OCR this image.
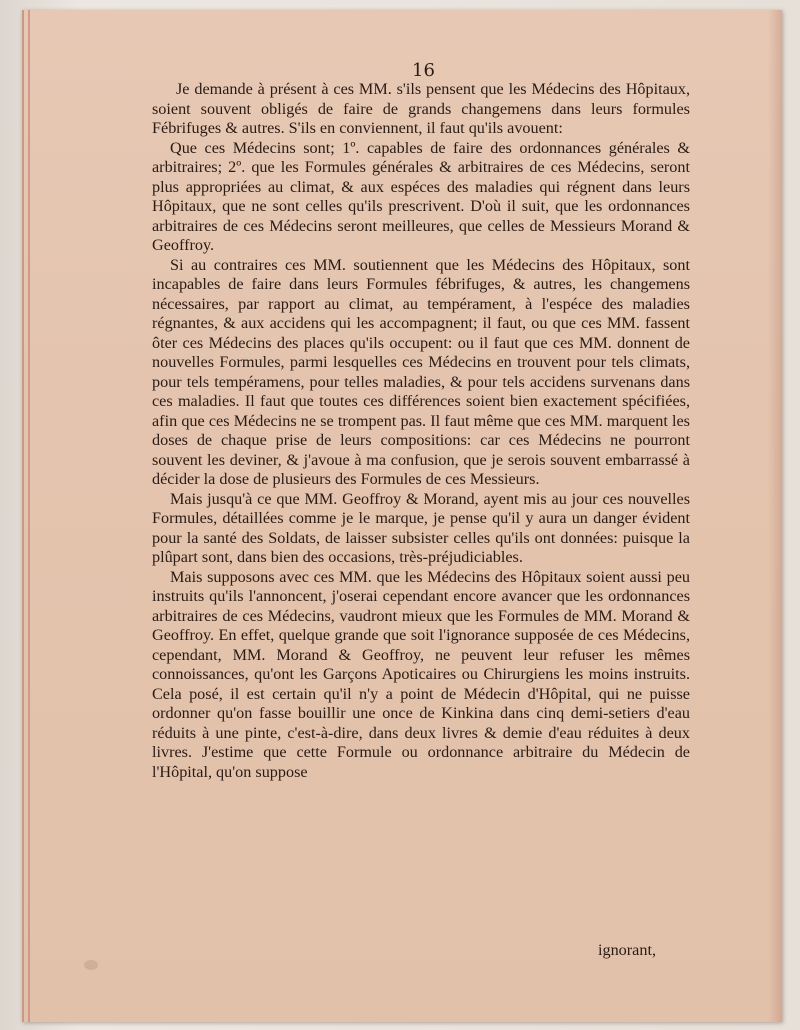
16

Je demande à présent à ces MM. s'ils pensent que les Médecins des Hôpitaux, soient souvent obligés de faire de grands changemens dans leurs formules Fébrifuges & autres. S'ils en conviennent, il faut qu'ils avouent:

Que ces Médecins sont; 1º. capables de faire des ordonnances générales & arbitraires; 2º. que les Formules générales & arbitraires de ces Médecins, seront plus appropriées au climat, & aux espéces des maladies qui régnent dans leurs Hôpitaux, que ne sont celles qu'ils prescrivent. D'où il suit, que les ordonnances arbitraires de ces Médecins seront meilleures, que celles de Messieurs Morand & Geoffroy.

Si au contraires ces MM. soutiennent que les Médecins des Hôpitaux, sont incapables de faire dans leurs Formules fébrifuges, & autres, les changemens nécessaires, par rapport au climat, au tempérament, à l'espéce des maladies régnantes, & aux accidens qui les accompagnent; il faut, ou que ces MM. fassent ôter ces Médecins des places qu'ils occupent: ou il faut que ces MM. donnent de nouvelles Formules, parmi lesquelles ces Médecins en trouvent pour tels climats, pour tels tempéramens, pour telles maladies, & pour tels accidens survenans dans ces maladies. Il faut que toutes ces différences soient bien exactement spécifiées, afin que ces Médecins ne se trompent pas. Il faut même que ces MM. marquent les doses de chaque prise de leurs compositions: car ces Médecins ne pourront souvent les deviner, & j'avoue à ma confusion, que je serois souvent embarrassé à décider la dose de plusieurs des Formules de ces Messieurs.

Mais jusqu'à ce que MM. Geoffroy & Morand, ayent mis au jour ces nouvelles Formules, détaillées comme je le marque, je pense qu'il y aura un danger évident pour la santé des Soldats, de laisser subsister celles qu'ils ont données: puisque la plûpart sont, dans bien des occasions, très-préjudiciables.

Mais supposons avec ces MM. que les Médecins des Hôpitaux soient aussi peu instruits qu'ils l'annoncent, j'oserai cependant encore avancer que les ordonnances arbitraires de ces Médecins, vaudront mieux que les Formules de MM. Morand & Geoffroy. En effet, quelque grande que soit l'ignorance supposée de ces Médecins, cependant, MM. Morand & Geoffroy, ne peuvent leur refuser les mêmes connoissances, qu'ont les Garçons Apoticaires ou Chirurgiens les moins instruits. Cela posé, il est certain qu'il n'y a point de Médecin d'Hôpital, qui ne puisse ordonner qu'on fasse bouillir une once de Kinkina dans cinq demi-setiers d'eau réduits à une pinte, c'est-à-dire, dans deux livres & demie d'eau réduites à deux livres. J'estime que cette Formule ou ordonnance arbitraire du Médecin de l'Hôpital, qu'on suppose

ignorant,
